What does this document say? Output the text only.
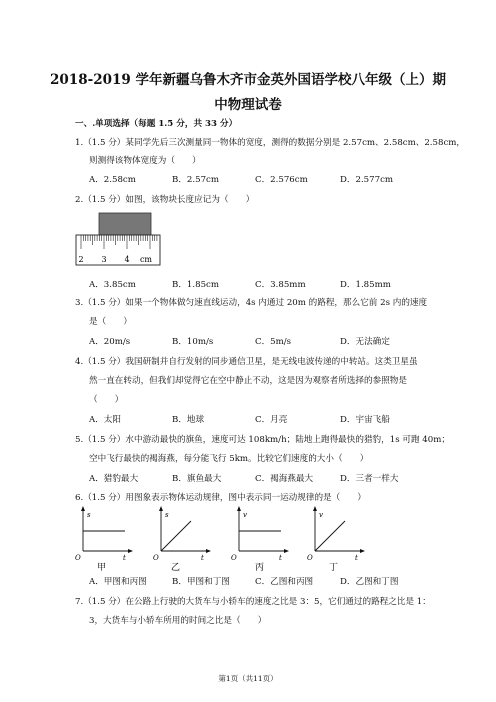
2018-2019 学年新疆乌鲁木齐市金英外国语学校八年级（上）期
中物理试卷
一、.单项选择（每题 1.5 分，共 33 分）
1.（1.5 分）某同学先后三次测量同一物体的宽度，测得的数据分别是 2.57cm、2.58cm、2.58cm，
则测得该物体宽度为（　　）
A．2.58cm	B．2.57cm	C．2.576cm	D．2.577cm
2.（1.5 分）如图，该物块长度应记为（　　）
2 3 4 cm
A．3.85cm	B．1.85cm	C．3.85mm	D．1.85mm
3.（1.5 分）如果一个物体做匀速直线运动，4s 内通过 20m 的路程，那么它前 2s 内的速度
是（　　）
A．20m/s	B．10m/s	C．5m/s	D．无法确定
4.（1.5 分）我国研制并自行发射的同步通信卫星，是无线电波传递的中转站。这类卫星虽
然一直在转动，但我们却觉得它在空中静止不动，这是因为观察者所选择的参照物是
（　　）
A．太阳	B．地球	C．月亮	D．宇宙飞船
5.（1.5 分）水中游动最快的旗鱼，速度可达 108km/h；陆地上跑得最快的猎豹，1s 可跑 40m；
空中飞行最快的褐海燕，每分能飞行 5km。比较它们速度的大小（　　）
A．猎豹最大	B．旗鱼最大	C．褐海燕最大	D．三者一样大
6.（1.5 分）用图象表示物体运动规律，图中表示同一运动规律的是（　　）
s
O	t
甲
s
O	t
乙
v
O	t
丙
v
O	t
丁
A．甲图和丙图	B．甲图和丁图	C．乙图和丙图	D．乙图和丁图
7.（1.5 分）在公路上行驶的大货车与小轿车的速度之比是 3：5，它们通过的路程之比是 1：
3，大货车与小轿车所用的时间之比是（　　）
第1页（共11页）
